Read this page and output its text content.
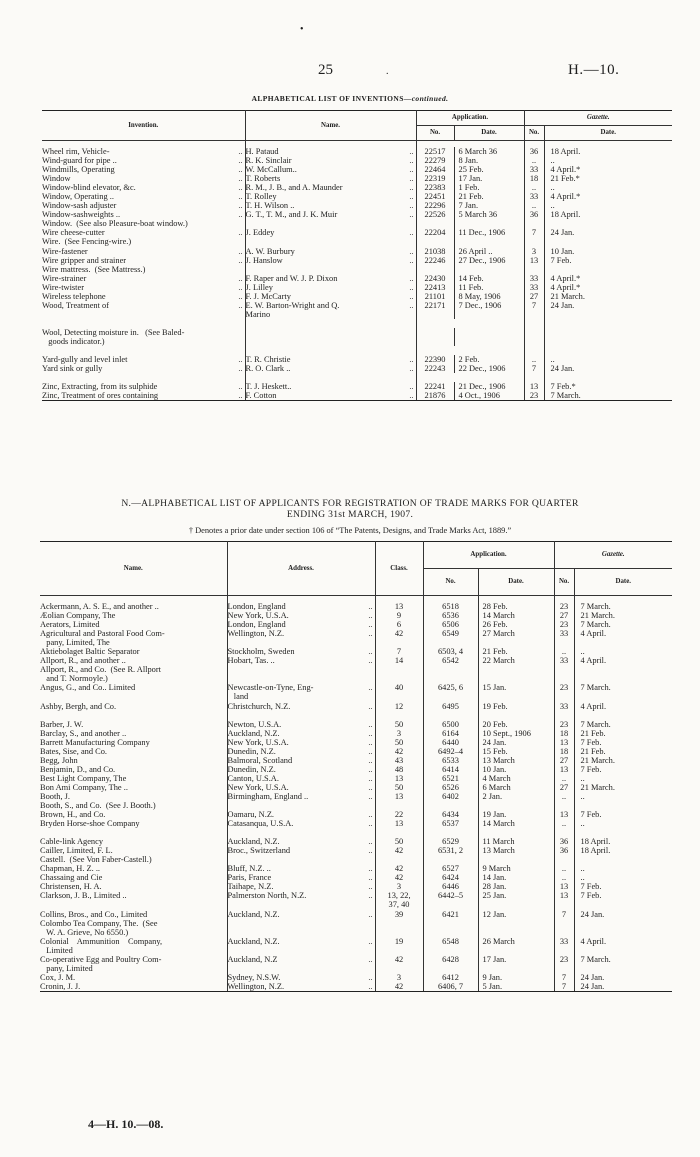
•
25	.	H.—10.
ALPHABETICAL LIST OF INVENTIONS—continued.
Invention.		Name.		Application.		Gazette.	
				No.	Date.	No.	Date.

Wheel rim, Vehicle-	..	H. Pataud	..	22517	6 March 36	36	18 April.
Wind-guard for pipe ..	..	R. K. Sinclair	..	22279	8 Jan.	..	..
Windmills, Operating	..	W. McCallum..	..	22464	25 Feb.	33	4 April.*
Window	..	T. Roberts	..	22319	17 Jan.	18	21 Feb.*
Window-blind elevator, &c.	..	R. M., J. B., and A. Maunder	..	22383	1 Feb.	..	..
Window, Operating ..	..	T. Rolley	..	22451	21 Feb.	33	4 April.*
Window-sash adjuster	..	T. H. Wilson ..	..	22296	7 Jan.	..	..
Window-sashweights ..	..	G. T., T. M., and J. K. Muir	..	22526	5 March 36	36	18 April.
Window.  (See also Pleasure-boat window.)							
Wire cheese-cutter	..	J. Eddey	..	22204	11 Dec., 1906	7	24 Jan.
Wire.  (See Fencing-wire.)							
Wire-fastener	..	A. W. Burbury	..	21038	26 April ..	3	10 Jan.
Wire gripper and strainer	..	J. Hanslow	..	22246	27 Dec., 1906	13	7 Feb.
Wire mattress.  (See Mattress.)							
Wire-strainer	..	F. Raper and W. J. P. Dixon	..	22430	14 Feb.	33	4 April.*
Wire-twister	..	J. Lilley	..	22413	11 Feb.	33	4 April.*
Wireless telephone	..	F. J. McCarty	..	21101	8 May, 1906	27	21 March.
Wood, Treatment of	..	E. W. Barton-Wright and Q.	..	22171	7 Dec., 1906	7	24 Jan.
		Marino					

Wool, Detecting moisture in.   (See Baled-							
goods indicator.)							

Yard-gully and level inlet	..	T. R. Christie	..	22390	2 Feb.	..	..
Yard sink or gully	..	R. O. Clark ..	..	22243	22 Dec., 1906	7	24 Jan.

Zinc, Extracting, from its sulphide	..	T. J. Heskett..	..	22241	21 Dec., 1906	13	7 Feb.*
Zinc, Treatment of ores containing	..	F. Cotton	..	21876	4 Oct., 1906	23	7 March.
N.—ALPHABETICAL LIST OF APPLICANTS FOR REGISTRATION OF TRADE MARKS FOR QUARTER
ENDING 31st MARCH, 1907.
† Denotes a prior date under section 106 of “The Patents, Designs, and Trade Marks Act, 1889.”
Name.		Address.		Class.	Application.		Gazette.	
					No.	Date.	No.	Date.

Ackermann, A. S. E., and another ..		London, England	..	13	6518	28 Feb.	23	7 March.
Æolian Company, The		New York, U.S.A.	..	9	6536	14 March	27	21 March.
Aerators, Limited		London, England	..	6	6506	26 Feb.	23	7 March.
Agricultural and Pastoral Food Com-		Wellington, N.Z.	..	42	6549	27 March	33	4 April.
pany, Limited, The								
Aktiebolaget Baltic Separator		Stockholm, Sweden	..	7	6503, 4	21 Feb.	..	..
Allport, R., and another ..		Hobart, Tas. ..	..	14	6542	22 March	33	4 April.
Allport, R., and Co.  (See R. Allport								
and T. Normoyle.)								
Angus, G., and Co.. Limited		Newcastle-on-Tyne, Eng-	..	40	6425, 6	15 Jan.	23	7 March.
		land						
Ashby, Bergh, and Co.		Christchurch, N.Z.	..	12	6495	19 Feb.	33	4 April.

Barber, J. W.		Newton, U.S.A.	..	50	6500	20 Feb.	23	7 March.
Barclay, S., and another ..		Auckland, N.Z.	..	3	6164	10 Sept., 1906	18	21 Feb.
Barrett Manufacturing Company		New York, U.S.A.	..	50	6440	24 Jan.	13	7 Feb.
Bates, Sise, and Co.		Dunedin, N.Z.	..	42	6492–4	15 Feb.	18	21 Feb.
Begg, John		Balmoral, Scotland	..	43	6533	13 March	27	21 March.
Benjamin, D., and Co.		Dunedin, N.Z.	..	48	6414	10 Jan.	13	7 Feb.
Best Light Company, The		Canton, U.S.A.	..	13	6521	4 March	..	..
Bon Ami Company, The ..		New York, U.S.A.	..	50	6526	6 March	27	21 March.
Booth, J.		Birmingham, England ..	..	13	6402	2 Jan.	..	..
Booth, S., and Co.  (See J. Booth.)								
Brown, H., and Co.		Oamaru, N.Z.	..	22	6434	19 Jan.	13	7 Feb.
Bryden Horse-shoe Company		Catasanqua, U.S.A.	..	13	6537	14 March	..	..

Cable-link Agency		Auckland, N.Z.	..	50	6529	11 March	36	18 April.
Cailler, Limited, F. L.		Broc., Switzerland	..	42	6531, 2	13 March	36	18 April.
Castell.  (See Von Faber-Castell.)								
Chapman, H. Z. ..		Bluff, N.Z. ..	..	42	6527	9 March	..	..
Chassaing and Cie		Paris, France	..	42	6424	14 Jan.	..	..
Christensen, H. A.		Taihape, N.Z.	..	3	6446	28 Jan.	13	7 Feb.
Clarkson, J. B., Limited ..		Palmerston North, N.Z.	..	13, 22,	6442–5	25 Jan.	13	7 Feb.
				37, 40				
Collins, Bros., and Co., Limited		Auckland, N.Z.	..	39	6421	12 Jan.	7	24 Jan.
Colombo Tea Company, The.  (See								
W. A. Grieve, No 6550.)								
Colonial    Ammunition    Company,		Auckland, N.Z.	..	19	6548	26 March	33	4 April.
Limited								
Co-operative Egg and Poultry Com-		Auckland, N.Z	..	42	6428	17 Jan.	23	7 March.
pany, Limited								
Cox, J. M.		Sydney, N.S.W.	..	3	6412	9 Jan.	7	24 Jan.
Cronin, J. J.		Wellington, N.Z.	..	42	6406, 7	5 Jan.	7	24 Jan.
4—H. 10.—08.
